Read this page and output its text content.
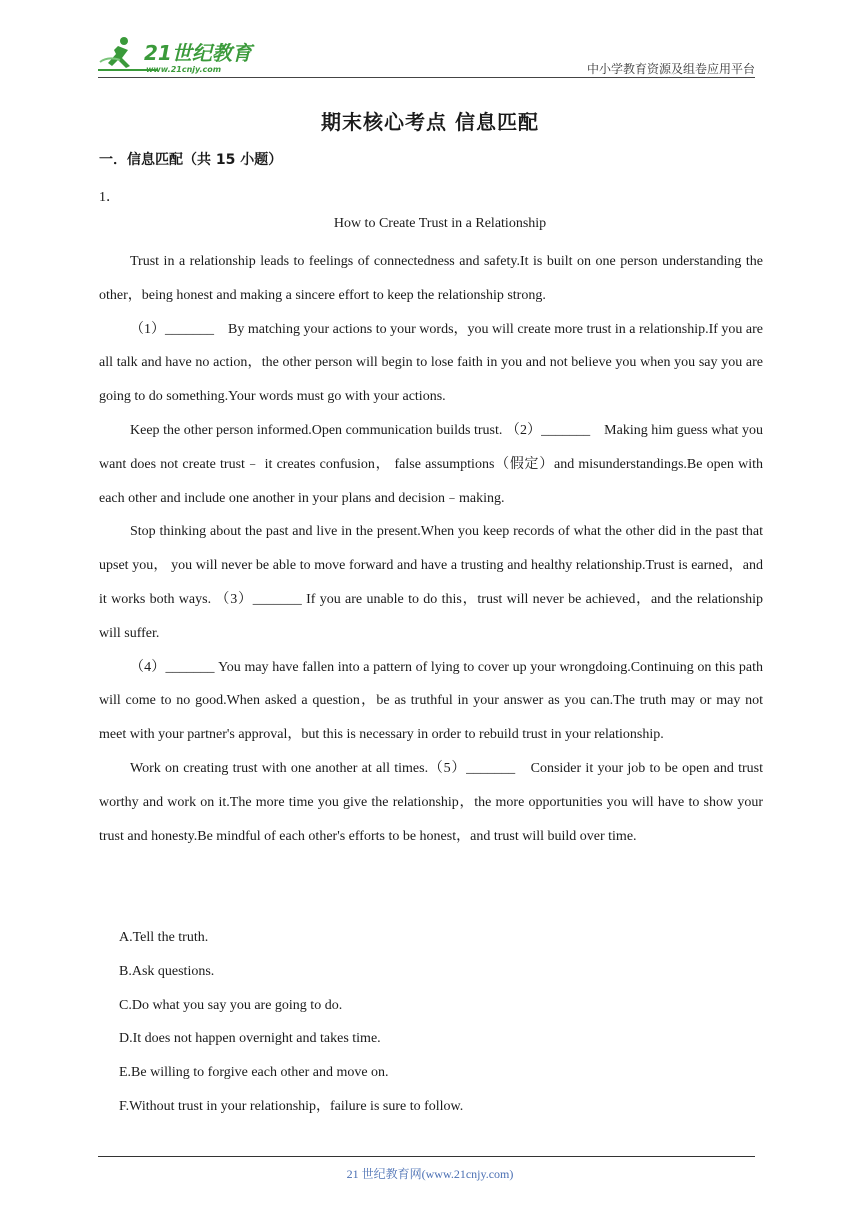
21世纪教育
www.21cnjy.com	中小学教育资源及组卷应用平台
期末核心考点 信息匹配
一．信息匹配（共 15 小题）
1．
How to Create Trust in a Relationship

Trust in a relationship leads to feelings of connectedness and safety.It is built on one person understanding the other，being honest and making a sincere effort to keep the relationship strong.

（1）_______　By matching your actions to your words，you will create more trust in a relationship.If you are all talk and have no action，the other person will begin to lose faith in you and not believe you when you say you are going to do something.Your words must go with your actions.

Keep the other person informed.Open communication builds trust. （2）_______　Making him guess what you want does not create trust﹣ it creates confusion， false assumptions（假定）and misunderstandings.Be open with each other and include one another in your plans and decision﹣making.

Stop thinking about the past and live in the present.When you keep records of what the other did in the past that upset you， you will never be able to move forward and have a trusting and healthy relationship.Trust is earned，and it works both ways. （3）_______ If you are unable to do this，trust will never be achieved，and the relationship will suffer.

（4）_______ You may have fallen into a pattern of lying to cover up your wrongdoing.Continuing on this path will come to no good.When asked a question，be as truthful in your answer as you can.The truth may or may not meet with your partner's approval，but this is necessary in order to rebuild trust in your relationship.

Work on creating trust with one another at all times.（5）_______　Consider it your job to be open and trust worthy and work on it.The more time you give the relationship，the more opportunities you will have to show your trust and honesty.Be mindful of each other's efforts to be honest，and trust will build over time.

A.Tell the truth.
B.Ask questions.
C.Do what you say you are going to do.
D.It does not happen overnight and takes time.
E.Be willing to forgive each other and move on.
F.Without trust in your relationship，failure is sure to follow.
21 世纪教育网(www.21cnjy.com)
